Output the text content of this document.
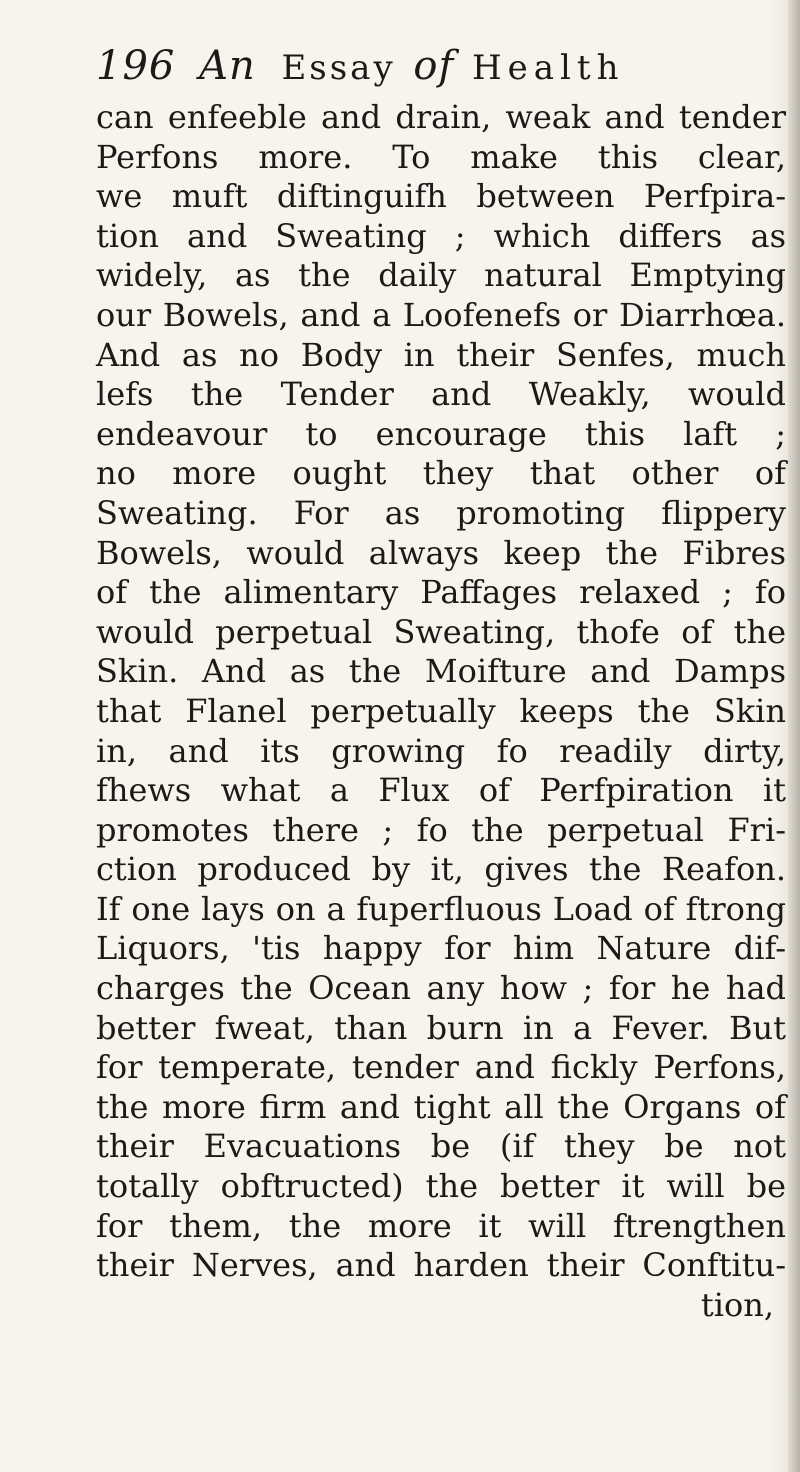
196 An Essay of Health
can enfeeble and drain, weak and tender
Perfons more. To make this clear,
we muft diftinguifh between Perfpira-
tion and Sweating ; which differs as
widely, as the daily natural Emptying
our Bowels, and a Loofenefs or Diarrhœa.
And as no Body in their Senfes, much
lefs the Tender and Weakly, would
endeavour to encourage this laft ;
no more ought they that other of
Sweating. For as promoting flippery
Bowels, would always keep the Fibres
of the alimentary Paffages relaxed ; fo
would perpetual Sweating, thofe of the
Skin. And as the Moifture and Damps
that Flanel perpetually keeps the Skin
in, and its growing fo readily dirty,
fhews what a Flux of Perfpiration it
promotes there ; fo the perpetual Fri-
ction produced by it, gives the Reafon.
If one lays on a fuperfluous Load of ftrong
Liquors, 'tis happy for him Nature dif-
charges the Ocean any how ; for he had
better fweat, than burn in a Fever. But
for temperate, tender and fickly Perfons,
the more firm and tight all the Organs of
their Evacuations be (if they be not
totally obftructed) the better it will be
for them, the more it will ftrengthen
their Nerves, and harden their Conftitu-
tion,
